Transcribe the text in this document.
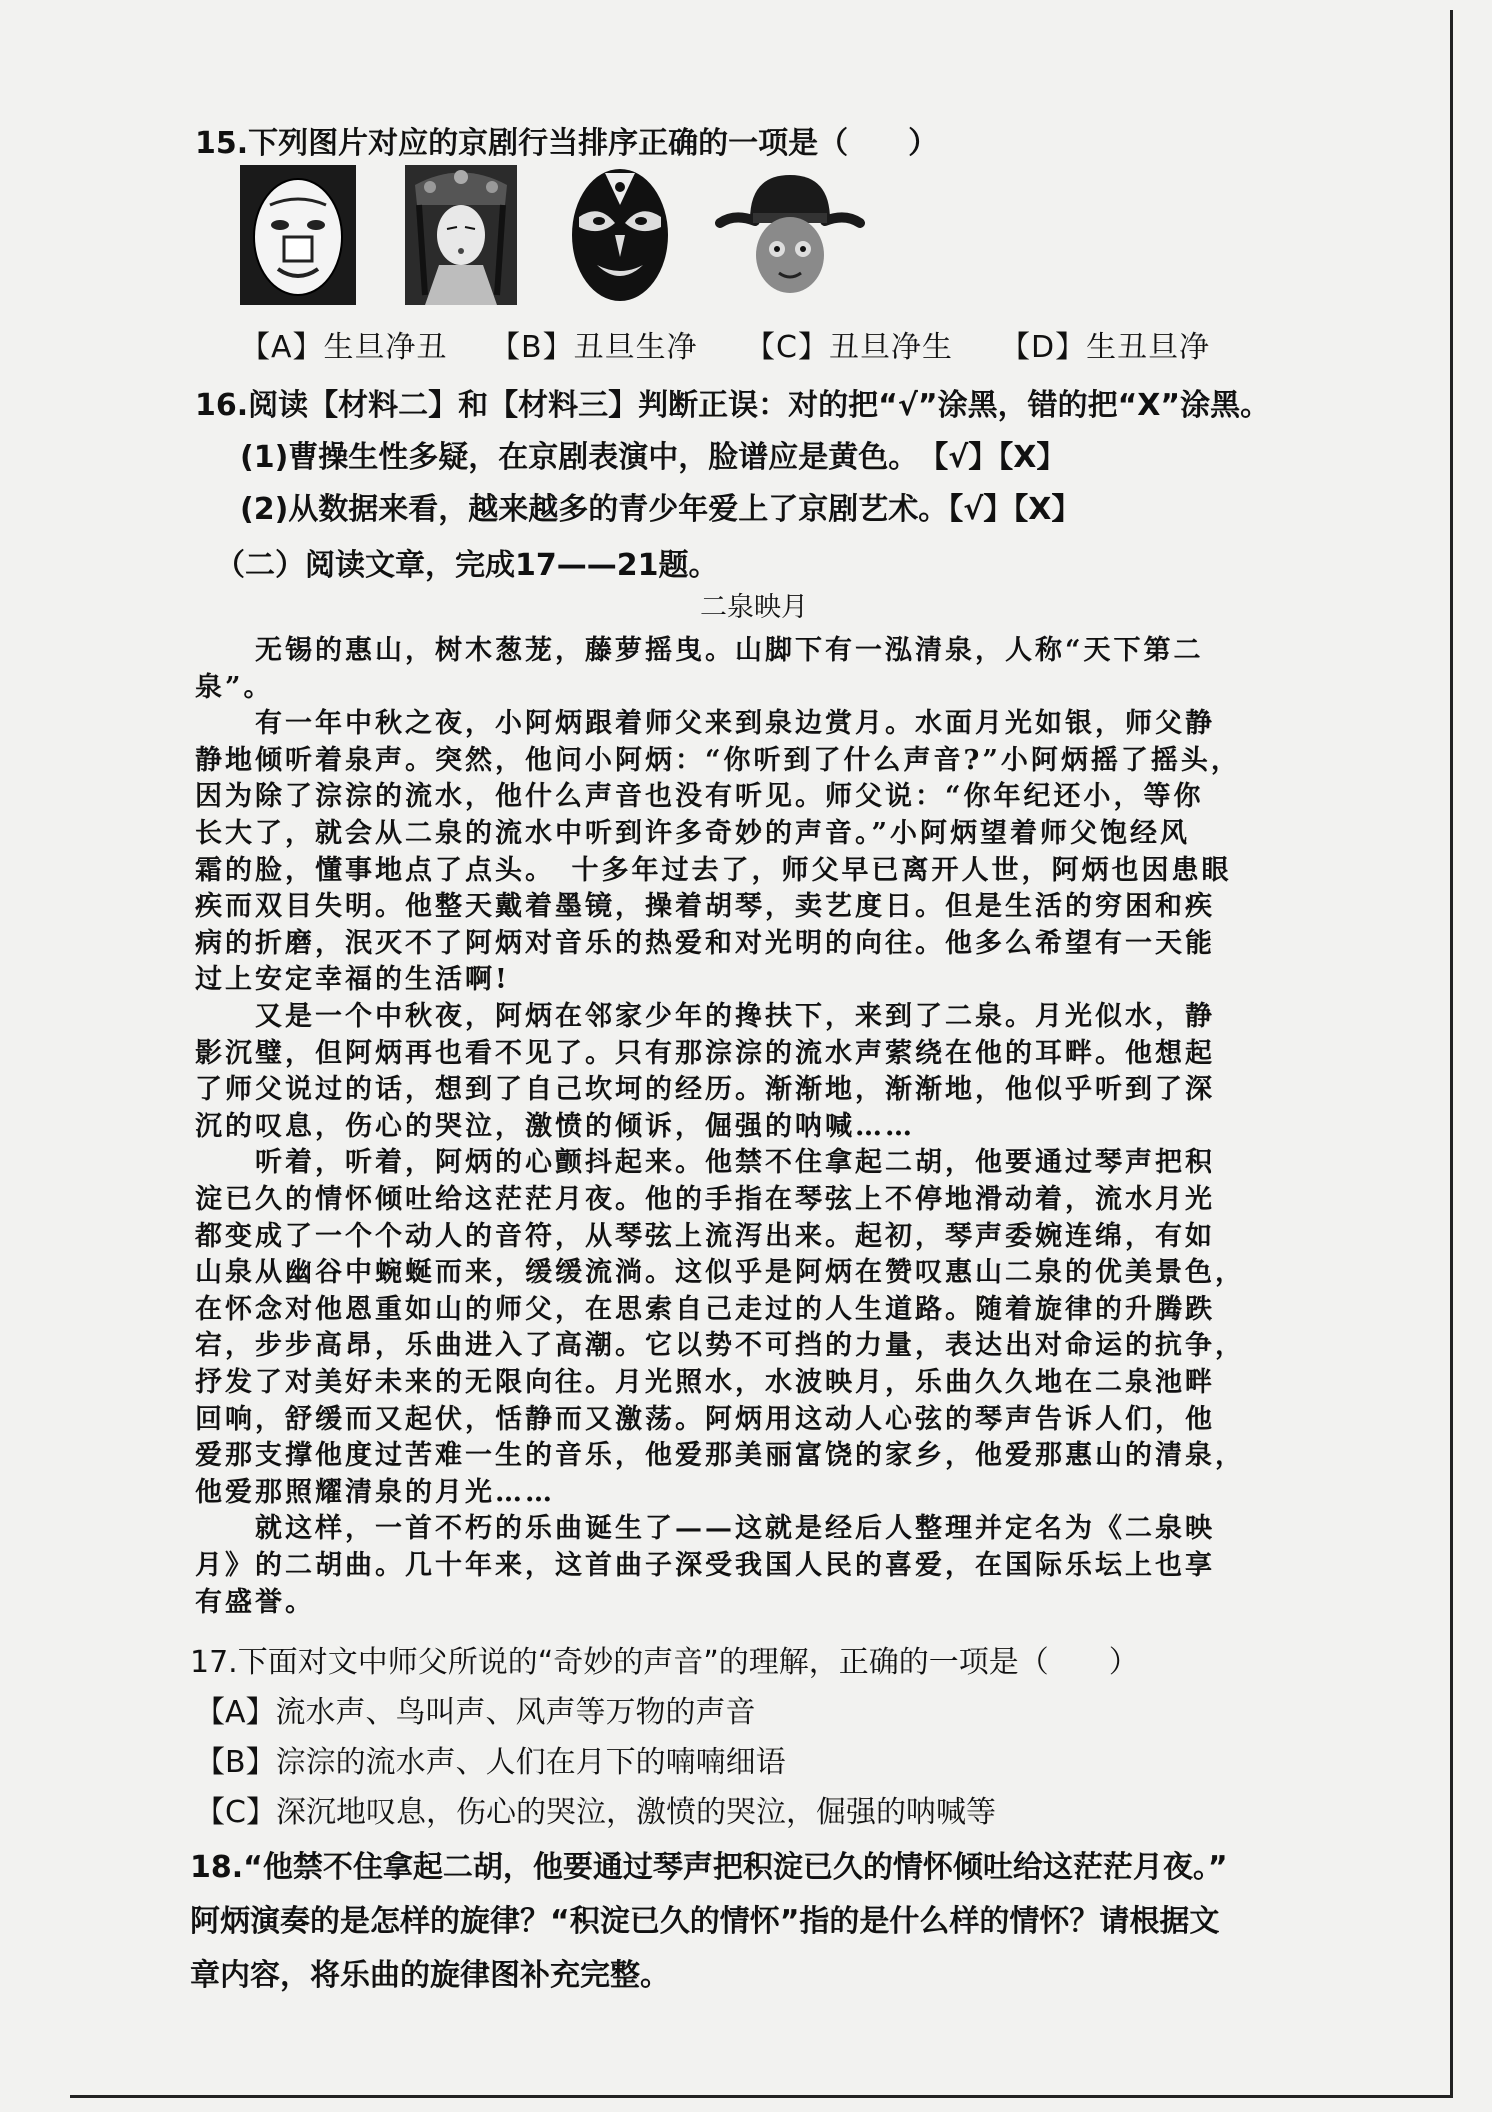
15.下列图片对应的京剧行当排序正确的一项是（　　）
【A】生旦净丑 【B】丑旦生净 【C】丑旦净生 【D】生丑旦净
16.阅读【材料二】和【材料三】判断正误：对的把“√”涂黑，错的把“X”涂黑。
(1)曹操生性多疑，在京剧表演中，脸谱应是黄色。　【√】【X】
(2)从数据来看，越来越多的青少年爱上了京剧艺术。【√】【X】
（二）阅读文章，完成17——21题。
二泉映月
　　无锡的惠山，树木葱茏，藤萝摇曳。山脚下有一泓清泉，人称“天下第二
泉”。
　　有一年中秋之夜，小阿炳跟着师父来到泉边赏月。水面月光如银，师父静
静地倾听着泉声。突然，他问小阿炳：“你听到了什么声音?”小阿炳摇了摇头，
因为除了淙淙的流水，他什么声音也没有听见。师父说：“你年纪还小，等你
长大了，就会从二泉的流水中听到许多奇妙的声音。”小阿炳望着师父饱经风
霜的脸，懂事地点了点头。　十多年过去了，师父早已离开人世，阿炳也因患眼
疾而双目失明。他整天戴着墨镜，操着胡琴，卖艺度日。但是生活的穷困和疾
病的折磨，泯灭不了阿炳对音乐的热爱和对光明的向往。他多么希望有一天能
过上安定幸福的生活啊!
　　又是一个中秋夜，阿炳在邻家少年的搀扶下，来到了二泉。月光似水，静
影沉璧，但阿炳再也看不见了。只有那淙淙的流水声萦绕在他的耳畔。他想起
了师父说过的话，想到了自己坎坷的经历。渐渐地，渐渐地，他似乎听到了深
沉的叹息，伤心的哭泣，激愤的倾诉，倔强的呐喊……
　　听着，听着，阿炳的心颤抖起来。他禁不住拿起二胡，他要通过琴声把积
淀已久的情怀倾吐给这茫茫月夜。他的手指在琴弦上不停地滑动着，流水月光
都变成了一个个动人的音符，从琴弦上流泻出来。起初，琴声委婉连绵，有如
山泉从幽谷中蜿蜒而来，缓缓流淌。这似乎是阿炳在赞叹惠山二泉的优美景色，
在怀念对他恩重如山的师父，在思索自己走过的人生道路。随着旋律的升腾跌
宕，步步高昂，乐曲进入了高潮。它以势不可挡的力量，表达出对命运的抗争，
抒发了对美好未来的无限向往。月光照水，水波映月，乐曲久久地在二泉池畔
回响，舒缓而又起伏，恬静而又激荡。阿炳用这动人心弦的琴声告诉人们，他
爱那支撑他度过苦难一生的音乐，他爱那美丽富饶的家乡，他爱那惠山的清泉，
他爱那照耀清泉的月光……
　　就这样，一首不朽的乐曲诞生了——这就是经后人整理并定名为《二泉映
月》的二胡曲。几十年来，这首曲子深受我国人民的喜爱，在国际乐坛上也享
有盛誉。
17.下面对文中师父所说的“奇妙的声音”的理解，正确的一项是（　　）
【A】流水声、鸟叫声、风声等万物的声音
【B】淙淙的流水声、人们在月下的喃喃细语
【C】深沉地叹息，伤心的哭泣，激愤的哭泣，倔强的呐喊等
18.“他禁不住拿起二胡，他要通过琴声把积淀已久的情怀倾吐给这茫茫月夜。”
阿炳演奏的是怎样的旋律？“积淀已久的情怀”指的是什么样的情怀？请根据文
章内容，将乐曲的旋律图补充完整。
